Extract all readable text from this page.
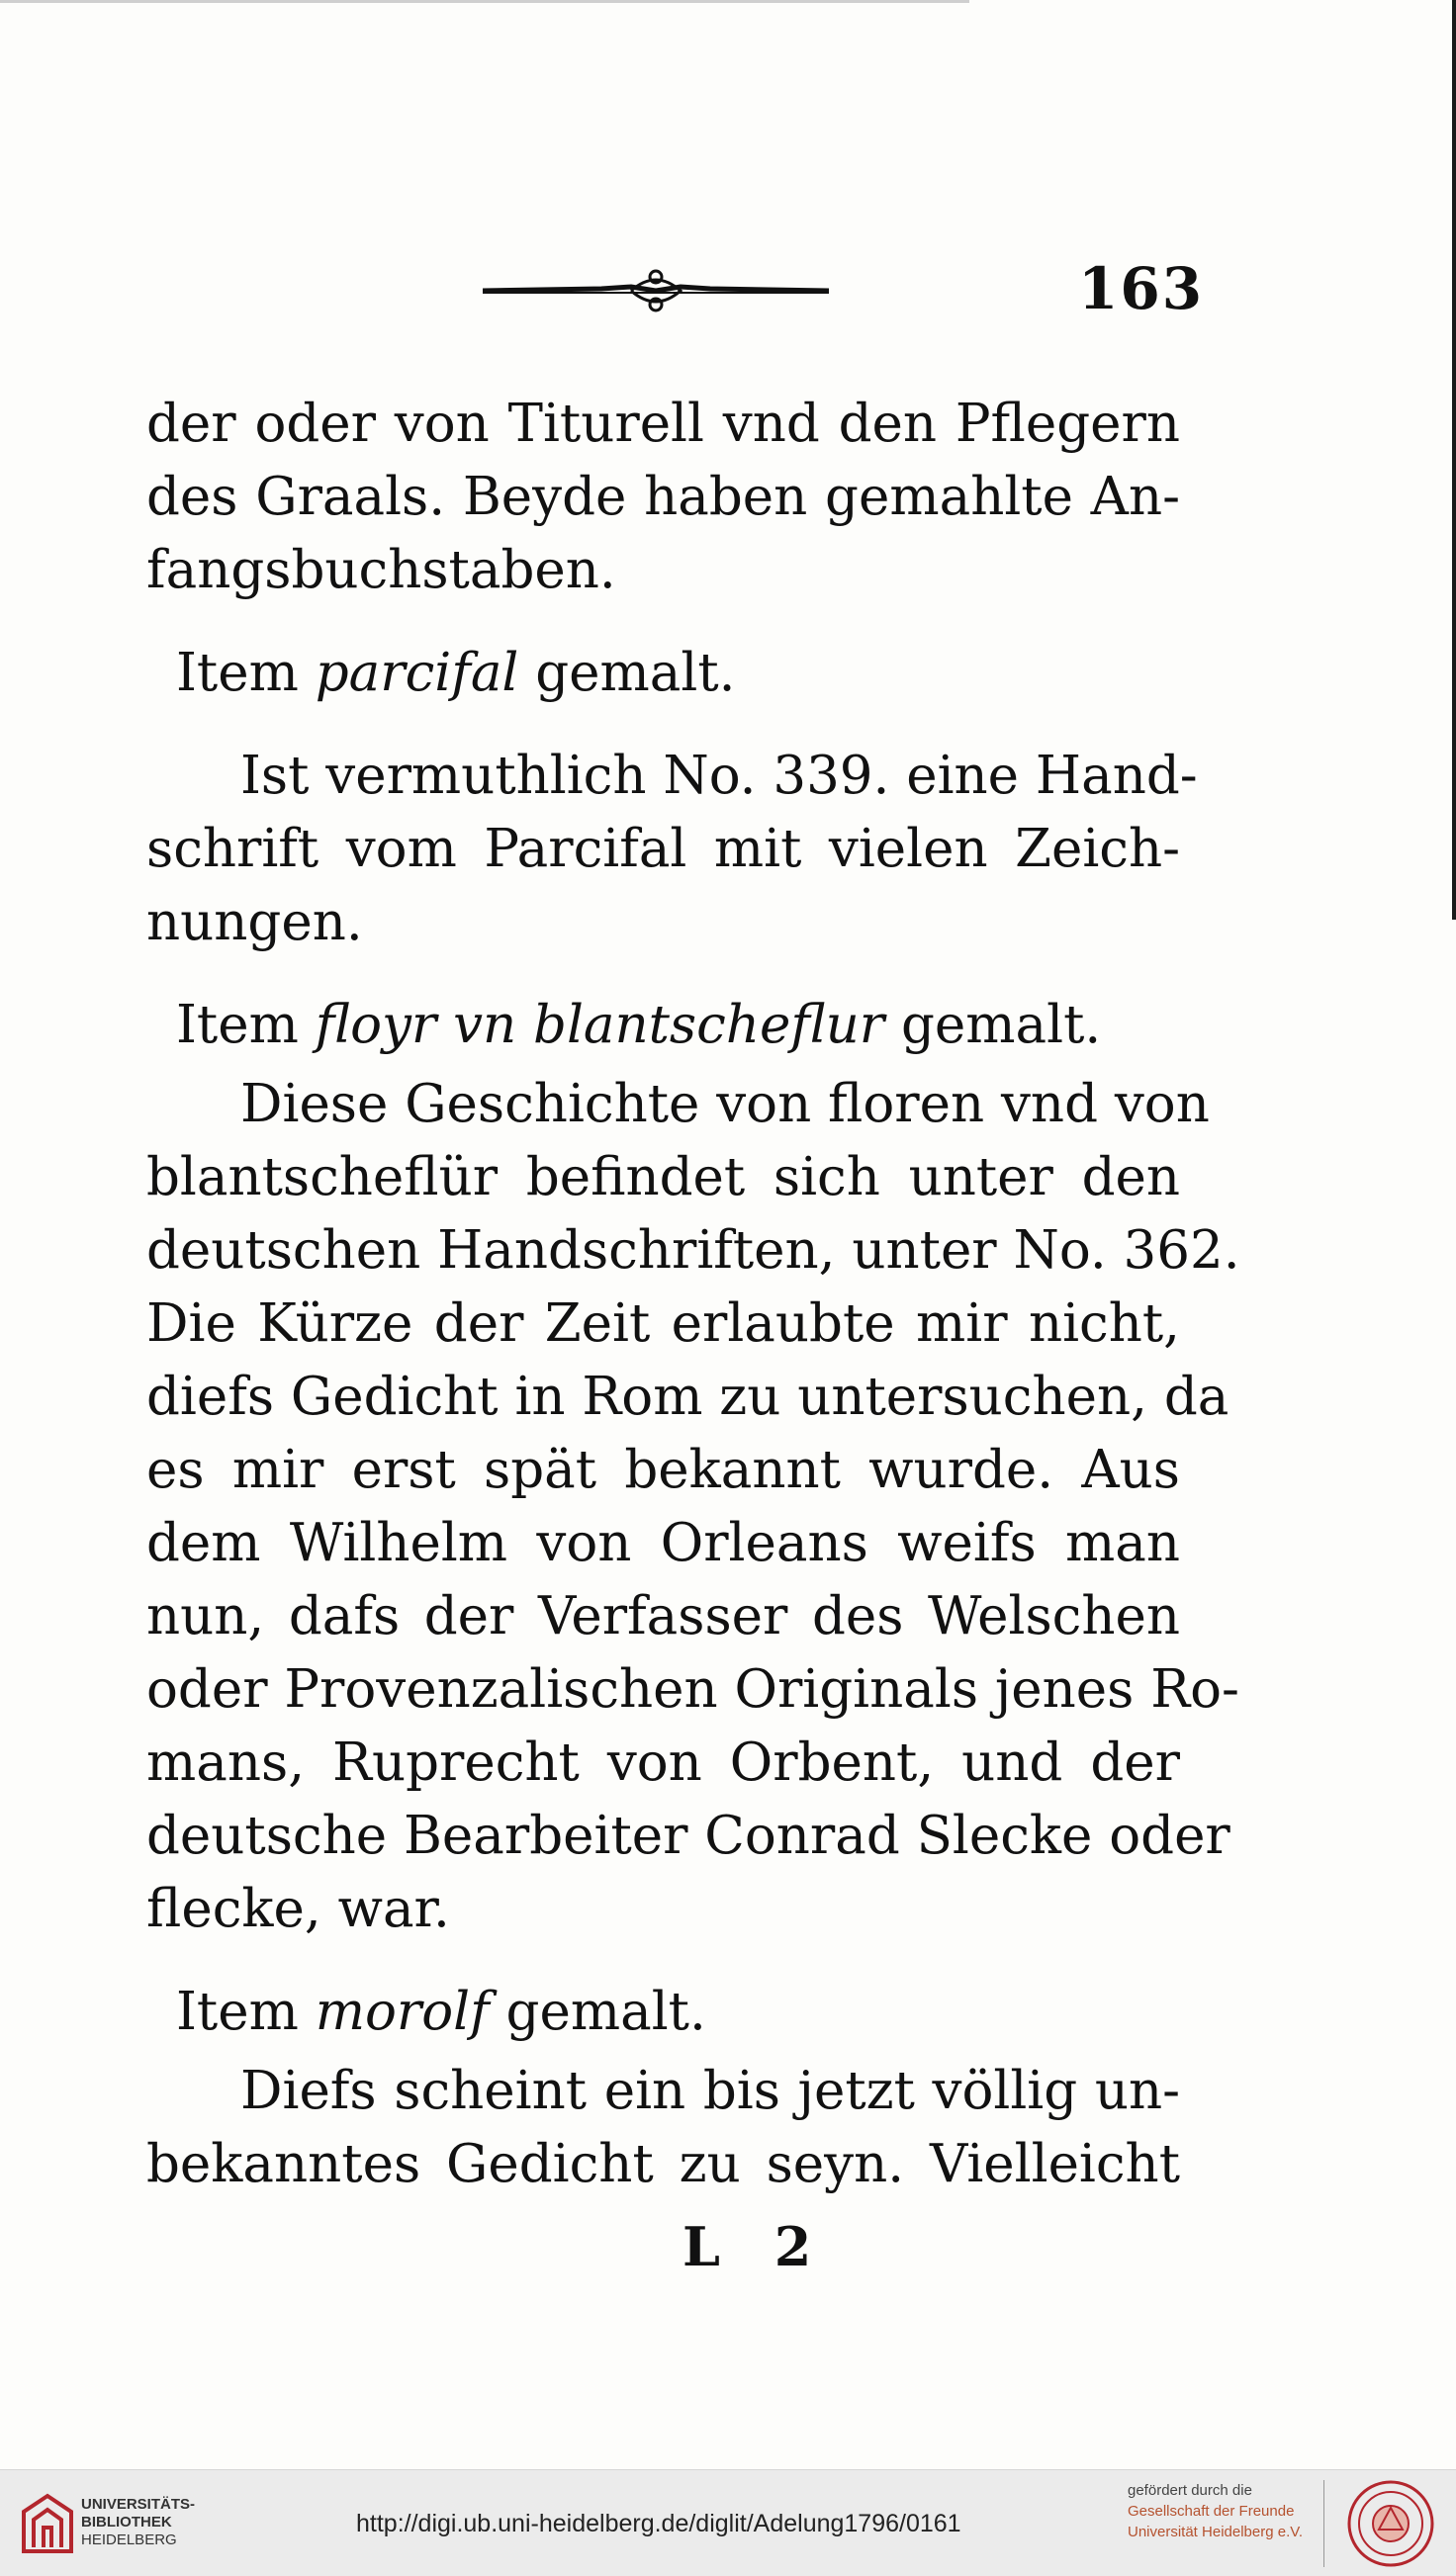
163
der oder von Titurell vnd den Pflegern
des Graals. Beyde haben gemahlte An-
fangsbuchstaben.
Item parcifal gemalt.
Ist vermuthlich No. 339. eine Hand-
schrift vom Parcifal mit vielen Zeich-
nungen.
Item floyr vn blantscheflur gemalt.
Diese Geschichte von floren vnd von
blantscheflür befindet sich unter den
deutschen Handschriften, unter No. 362.
Die Kürze der Zeit erlaubte mir nicht,
diefs Gedicht in Rom zu untersuchen, da
es mir erst spät bekannt wurde. Aus
dem Wilhelm von Orleans weifs man
nun, dafs der Verfasser des Welschen
oder Provenzalischen Originals jenes Ro-
mans, Ruprecht von Orbent, und der
deutsche Bearbeiter Conrad Slecke oder
flecke, war.
Item morolf gemalt.
Diefs scheint ein bis jetzt völlig un-
bekanntes Gedicht zu seyn. Vielleicht
L 2
UNIVERSITÄTS-
BIBLIOTHEK
HEIDELBERG
http://digi.ub.uni-heidelberg.de/diglit/Adelung1796/0161
gefördert durch die
Gesellschaft der Freunde
Universität Heidelberg e.V.
